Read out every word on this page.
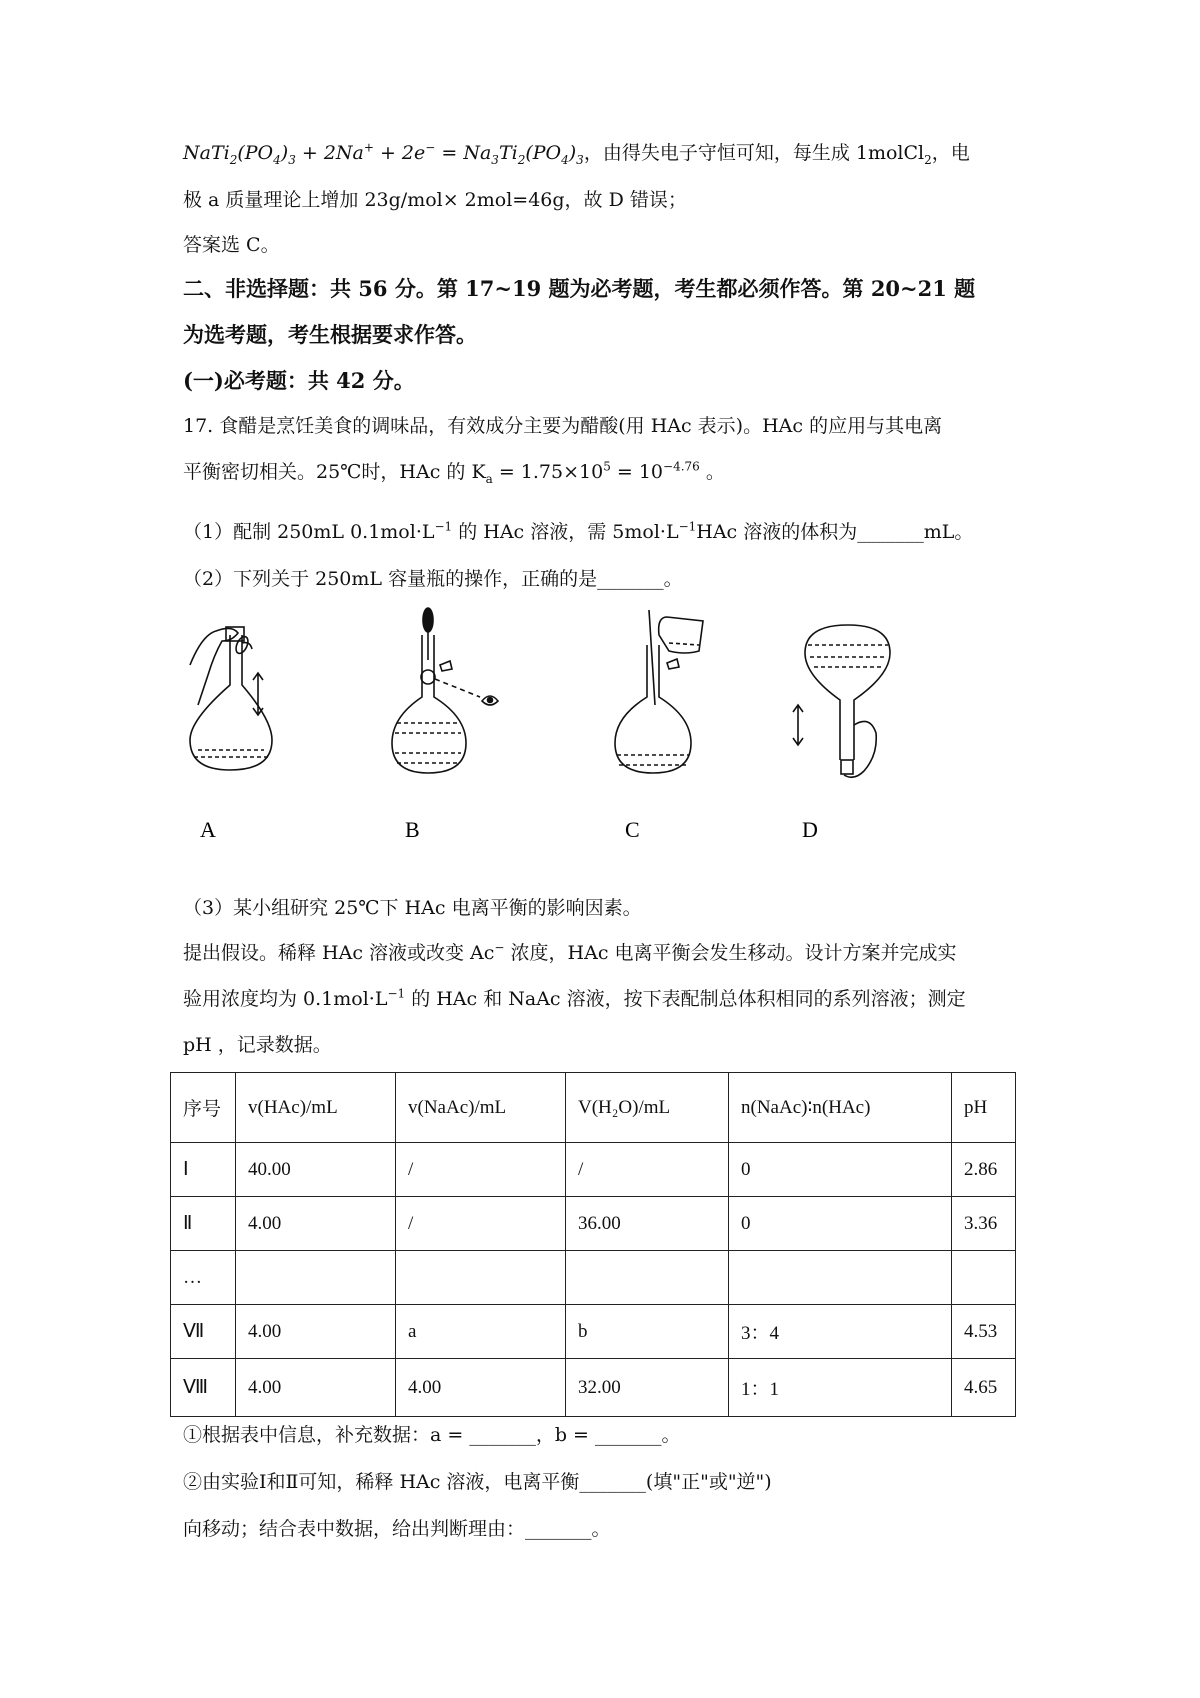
$NaTi_2(PO_4)_3 + 2Na^+ + 2e^- = Na_3Ti_2(PO_4)_3$，由得失电子守恒可知，每生成 1molCl$_2$，电
极 a 质量理论上增加 23g/mol× 2mol=46g，故 D 错误；
答案选 C。
二、非选择题：共 56 分。第 17~19 题为必考题，考生都必须作答。第 20~21 题
为选考题，考生根据要求作答。
(一)必考题：共 42 分。
17. 食醋是烹饪美食的调味品，有效成分主要为醋酸(用 HAc 表示)。HAc 的应用与其电离
平衡密切相关。25℃时，HAc 的 $K_a = 1.75\times 10^5 = 10^{-4.76}$ 。
（1）配制 250mL $0.1mol\cdot L^{-1}$ 的 HAc 溶液，需 $5mol\cdot L^{-1}HAc$ 溶液的体积为_______mL。
（2）下列关于 250mL 容量瓶的操作，正确的是_______。
A	B	C	D
（3）某小组研究 25℃下 HAc 电离平衡的影响因素。
提出假设。稀释 HAc 溶液或改变 Ac− 浓度，HAc 电离平衡会发生移动。设计方案并完成实
验用浓度均为 $0.1mol\cdot L^{-1}$ 的 HAc 和 NaAc 溶液，按下表配制总体积相同的系列溶液；测定
pH ，记录数据。
序号	v(HAc)/mL	v(NaAc)/mL	V(H₂O)/mL	n(NaAc)∶n(HAc)	pH
Ⅰ	40.00	/	/	0	2.86
Ⅱ	4.00	/	36.00	0	3.36
…					
Ⅶ	4.00	a	b	3：4	4.53
Ⅷ	4.00	4.00	32.00	1：1	4.65
①根据表中信息，补充数据：a = _______，b = _______。
②由实验Ⅰ和Ⅱ可知，稀释 HAc 溶液，电离平衡_______(填"正"或"逆")
向移动；结合表中数据，给出判断理由：_______。
